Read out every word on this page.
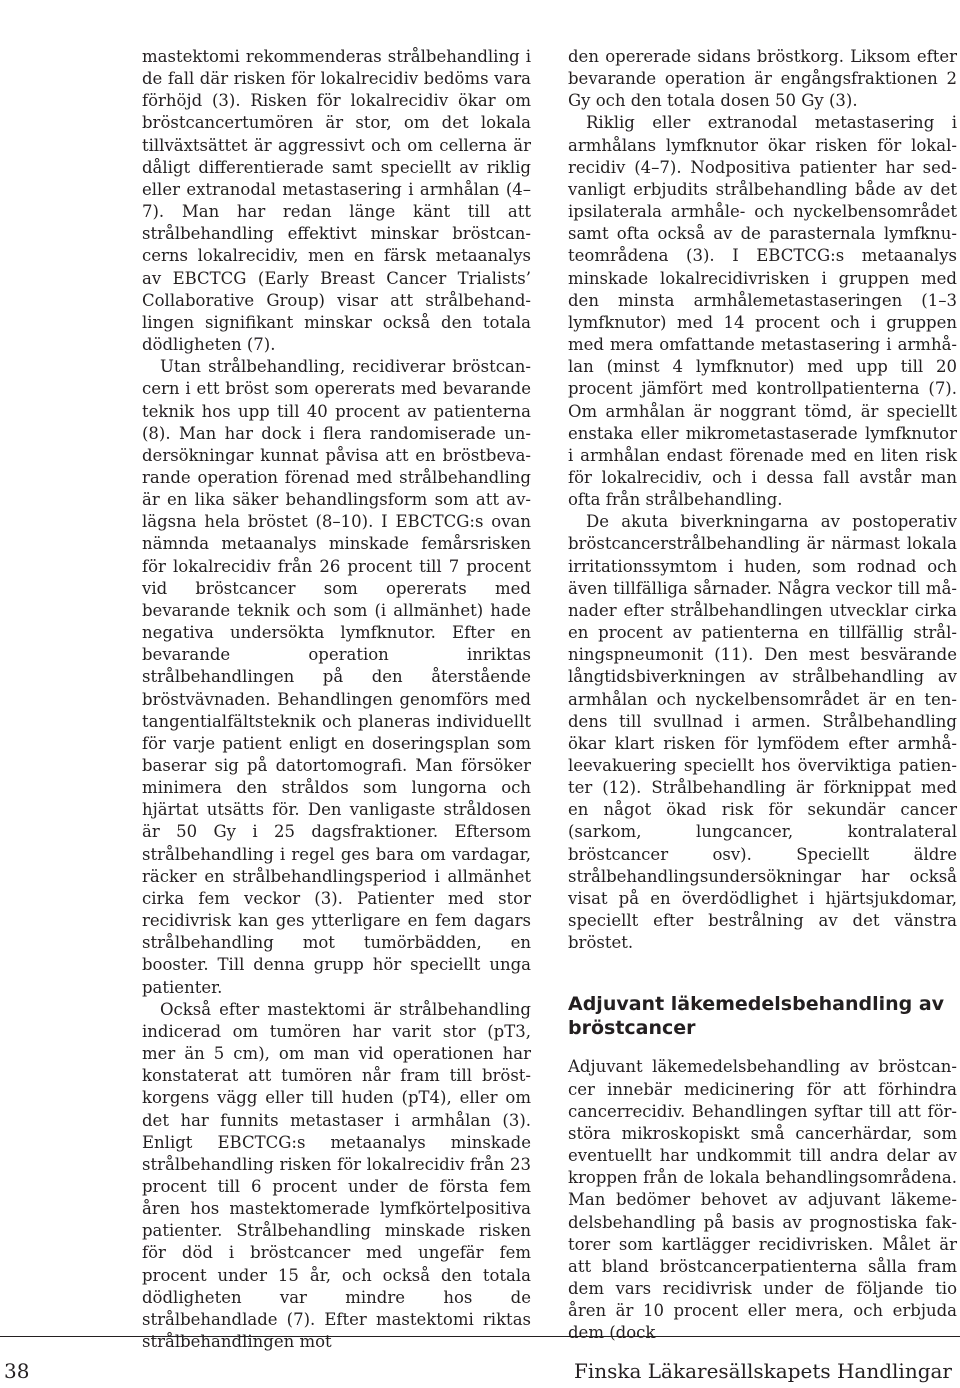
mastektomi rekommenderas strålbehandling i de fall där risken för lokalrecidiv bedöms vara förhöjd (3). Risken för lokalrecidiv ökar om bröstcancertumören är stor, om det lokala tillväxtsättet är aggressivt och om cellerna är dåligt differentierade samt speciellt av riklig eller extranodal metastasering i armhålan (4–7). Man har redan länge känt till att strålbehandling effektivt minskar bröstcancerns lokalrecidiv, men en färsk metaanalys av EBCTCG (Early Breast Cancer Trialists’ Collaborative Group) visar att strålbehandlingen signifikant minskar också den totala dödligheten (7).

Utan strålbehandling, recidiverar bröstcancern i ett bröst som opererats med bevarande teknik hos upp till 40 procent av patienterna (8). Man har dock i flera randomiserade undersökningar kunnat påvisa att en bröstbevarande operation förenad med strålbehandling är en lika säker behandlingsform som att avlägsna hela bröstet (8–10). I EBCTCG:s ovan nämnda metaanalys minskade femårsrisken för lokalrecidiv från 26 procent till 7 procent vid bröstcancer som opererats med bevarande teknik och som (i allmänhet) hade negativa undersökta lymfknutor. Efter en bevarande operation inriktas strålbehandlingen på den återstående bröstvävnaden. Behandlingen genomförs med tangentialfältsteknik och planeras individuellt för varje patient enligt en doseringsplan som baserar sig på datortomografi. Man försöker minimera den stråldos som lungorna och hjärtat utsätts för. Den vanligaste stråldosen är 50 Gy i 25 dagsfraktioner. Eftersom strålbehandling i regel ges bara om vardagar, räcker en strålbehandlingsperiod i allmänhet cirka fem veckor (3). Patienter med stor recidivrisk kan ges ytterligare en fem dagars strålbehandling mot tumörbädden, en booster. Till denna grupp hör speciellt unga patienter.

Också efter mastektomi är strålbehandling indicerad om tumören har varit stor (pT3, mer än 5 cm), om man vid operationen har konstaterat att tumören når fram till bröstkorgens vägg eller till huden (pT4), eller om det har funnits metastaser i armhålan (3). Enligt EBCTCG:s metaanalys minskade strålbehandling risken för lokalrecidiv från 23 procent till 6 procent under de första fem åren hos mastektomerade lymfkörtelpositiva patienter. Strålbehandling minskade risken för död i bröstcancer med ungefär fem procent under 15 år, och också den totala dödligheten var mindre hos de strålbehandlade (7). Efter mastektomi riktas strålbehandlingen mot

den opererade sidans bröstkorg. Liksom efter bevarande operation är engångsfraktionen 2 Gy och den totala dosen 50 Gy (3).

Riklig eller extranodal metastasering i armhålans lymfknutor ökar risken för lokalrecidiv (4–7). Nodpositiva patienter har sedvanligt erbjudits strålbehandling både av det ipsilaterala armhåle- och nyckelbensområdet samt ofta också av de parasternala lymfknuteområdena (3). I EBCTCG:s metaanalys minskade lokalrecidivrisken i gruppen med den minsta armhålemetastaseringen (1–3 lymfknutor) med 14 procent och i gruppen med mera omfattande metastasering i armhålan (minst 4 lymfknutor) med upp till 20 procent jämfört med kontrollpatienterna (7). Om armhålan är noggrant tömd, är speciellt enstaka eller mikrometastaserade lymfknutor i armhålan endast förenade med en liten risk för lokalrecidiv, och i dessa fall avstår man ofta från strålbehandling.

De akuta biverkningarna av postoperativ bröstcancerstrålbehandling är närmast lokala irritationssymtom i huden, som rodnad och även tillfälliga sårnader. Några veckor till månader efter strålbehandlingen utvecklar cirka en procent av patienterna en tillfällig strålningspneumonit (11). Den mest besvärande långtidsbiverkningen av strålbehandling av armhålan och nyckelbensområdet är en tendens till svullnad i armen. Strålbehandling ökar klart risken för lymfödem efter armhåleevakuering speciellt hos överviktiga patienter (12). Strålbehandling är förknippat med en något ökad risk för sekundär cancer (sarkom, lungcancer, kontralateral bröstcancer osv). Speciellt äldre strålbehandlingsundersökningar har också visat på en överdödlighet i hjärtsjukdomar, speciellt efter bestrålning av det vänstra bröstet.

Adjuvant läkemedelsbehandling av bröstcancer

Adjuvant läkemedelsbehandling av bröstcancer innebär medicinering för att förhindra cancerrecidiv. Behandlingen syftar till att förstöra mikroskopiskt små cancerhärdar, som eventuellt har undkommit till andra delar av kroppen från de lokala behandlingsområdena. Man bedömer behovet av adjuvant läkemedelsbehandling på basis av prognostiska faktorer som kartlägger recidivrisken. Målet är att bland bröstcancerpatienterna sålla fram dem vars recidivrisk under de följande tio åren är 10 procent eller mera, och erbjuda dem (dock

38	Finska Läkaresällskapets Handlingar
